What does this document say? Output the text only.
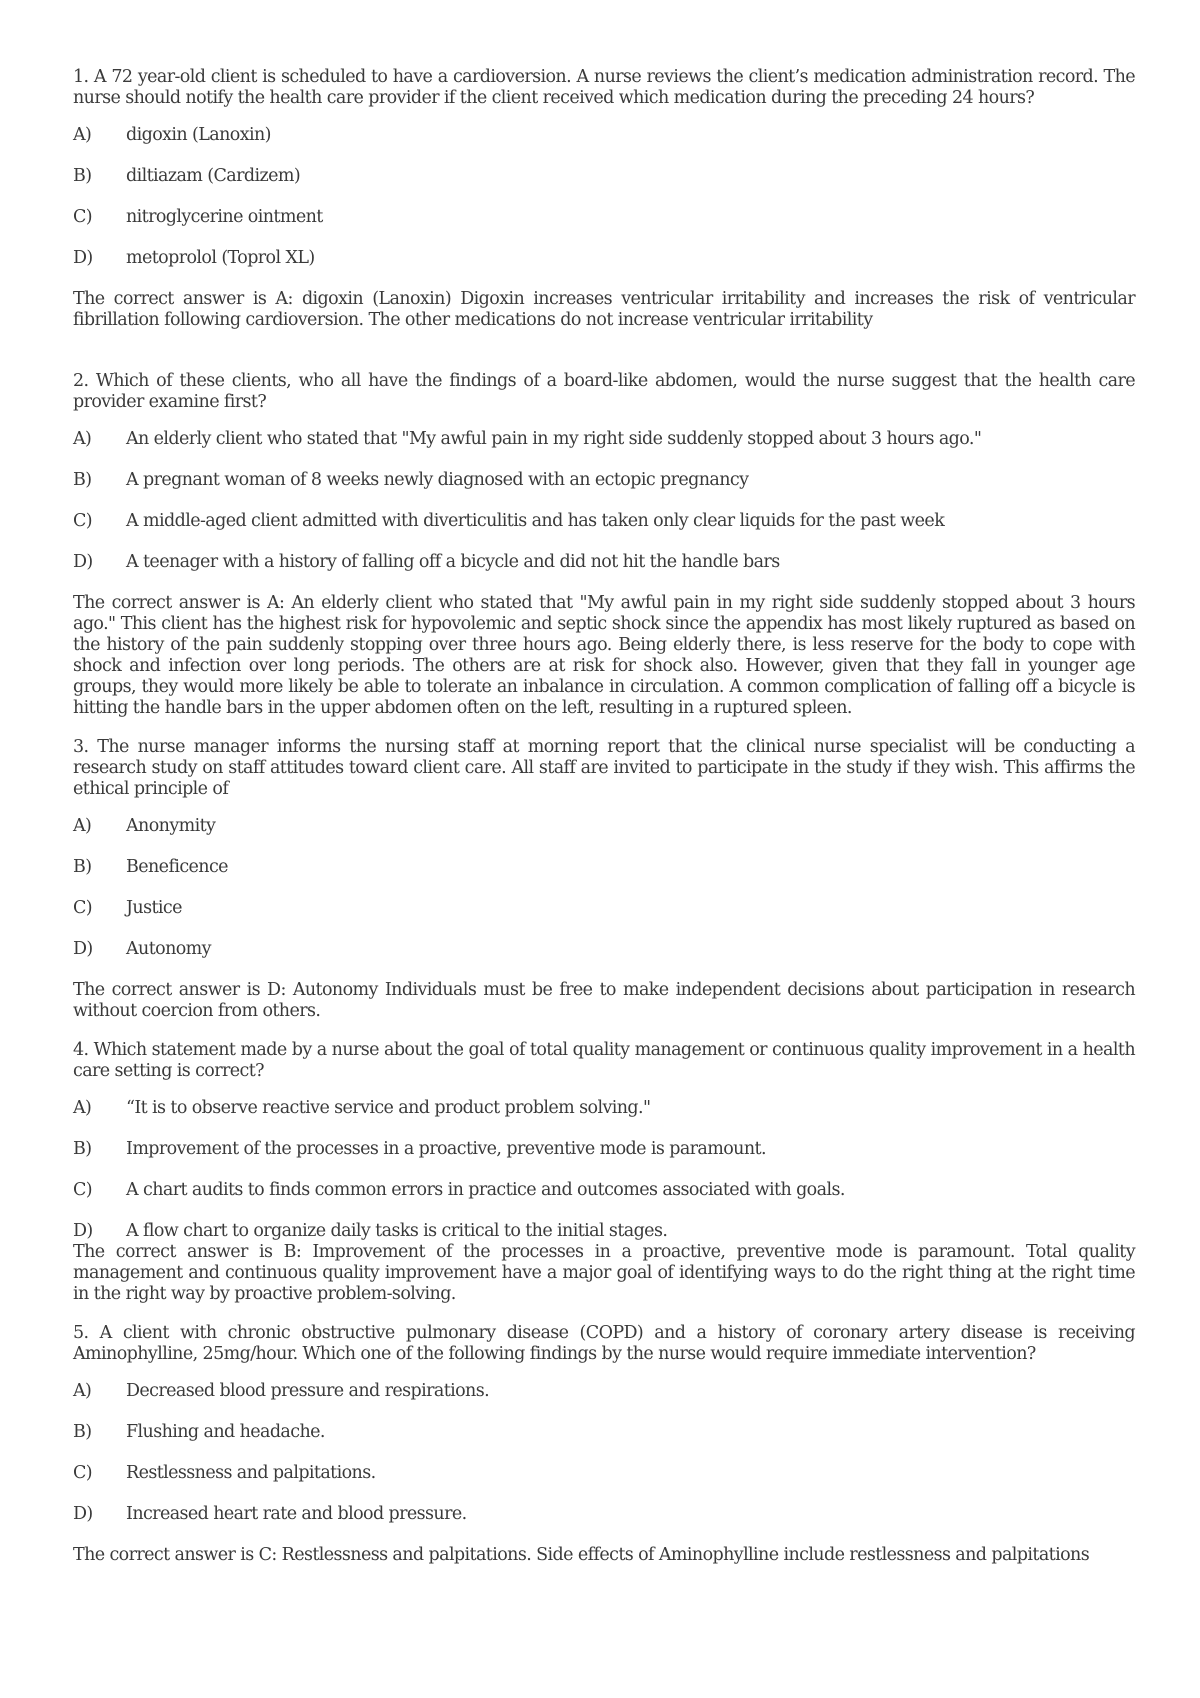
1. A 72 year-old client is scheduled to have a cardioversion. A nurse reviews the client’s medication administration record. The nurse should notify the health care provider if the client received which medication during the preceding 24 hours?

A)	digoxin (Lanoxin)
B)	diltiazam (Cardizem)
C)	nitroglycerine ointment
D)	metoprolol (Toprol XL)

The correct answer is A: digoxin (Lanoxin) Digoxin increases ventricular irritability and increases the risk of ventricular fibrillation following cardioversion. The other medications do not increase ventricular irritability

2. Which of these clients, who all have the findings of a board-like abdomen, would the nurse suggest that the health care provider examine first?

A)	An elderly client who stated that "My awful pain in my right side suddenly stopped about 3 hours ago."
B)	A pregnant woman of 8 weeks newly diagnosed with an ectopic pregnancy
C)	A middle-aged client admitted with diverticulitis and has taken only clear liquids for the past week
D)	A teenager with a history of falling off a bicycle and did not hit the handle bars

The correct answer is A: An elderly client who stated that "My awful pain in my right side suddenly stopped about 3 hours ago." This client has the highest risk for hypovolemic and septic shock since the appendix has most likely ruptured as based on the history of the pain suddenly stopping over three hours ago. Being elderly there, is less reserve for the body to cope with shock and infection over long periods. The others are at risk for shock also. However, given that they fall in younger age groups, they would more likely be able to tolerate an inbalance in circulation. A common complication of falling off a bicycle is hitting the handle bars in the upper abdomen often on the left, resulting in a ruptured spleen.

3. The nurse manager informs the nursing staff at morning report that the clinical nurse specialist will be conducting a research study on staff attitudes toward client care. All staff are invited to participate in the study if they wish. This affirms the ethical principle of

A)	Anonymity
B)	Beneficence
C)	Justice
D)	Autonomy

The correct answer is D: Autonomy Individuals must be free to make independent decisions about participation in research without coercion from others.

4. Which statement made by a nurse about the goal of total quality management or continuous quality improvement in a health care setting is correct?

A)	“It is to observe reactive service and product problem solving."
B)	Improvement of the processes in a proactive, preventive mode is paramount.
C)	A chart audits to finds common errors in practice and outcomes associated with goals.
D)	A flow chart to organize daily tasks is critical to the initial stages.

The correct answer is B: Improvement of the processes in a proactive, preventive mode is paramount. Total quality management and continuous quality improvement have a major goal of identifying ways to do the right thing at the right time in the right way by proactive problem-solving.

5. A client with chronic obstructive pulmonary disease (COPD) and a history of coronary artery disease is receiving Aminophylline, 25mg/hour. Which one of the following findings by the nurse would require immediate intervention?

A)	Decreased blood pressure and respirations.
B)	Flushing and headache.
C)	Restlessness and palpitations.
D)	Increased heart rate and blood pressure.

The correct answer is C: Restlessness and palpitations. Side effects of Aminophylline include restlessness and palpitations
